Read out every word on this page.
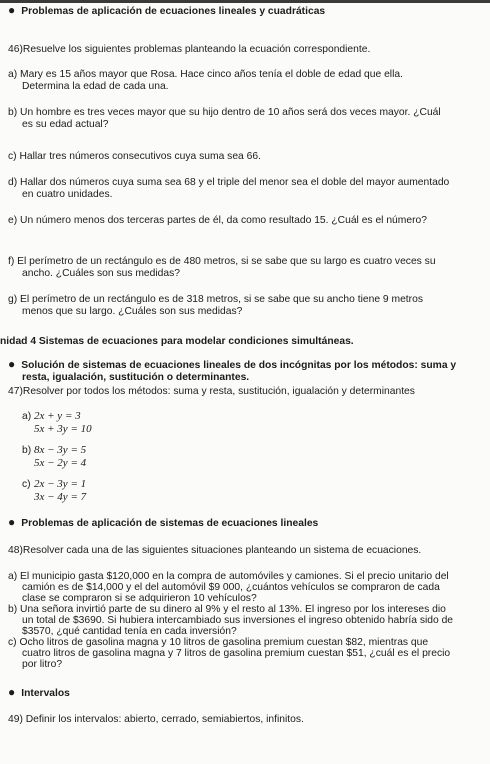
● Problemas de aplicación de ecuaciones lineales y cuadráticas
46)Resuelve los siguientes problemas planteando la ecuación correspondiente.
a) Mary es 15 años mayor que Rosa. Hace cinco años tenía el doble de edad que ella.
Determina la edad de cada una.
b) Un hombre es tres veces mayor que su hijo dentro de 10 años será dos veces mayor. ¿Cuál
es su edad actual?
c) Hallar tres números consecutivos cuya suma sea 66.
d) Hallar dos números cuya suma sea 68 y el triple del menor sea el doble del mayor aumentado
en cuatro unidades.
e) Un número menos dos terceras partes de él, da como resultado 15. ¿Cuál es el número?
f) El perímetro de un rectángulo es de 480 metros, si se sabe que su largo es cuatro veces su
ancho. ¿Cuáles son sus medidas?
g) El perímetro de un rectángulo es de 318 metros, si se sabe que su ancho tiene 9 metros
menos que su largo. ¿Cuáles son sus medidas?
nidad 4 Sistemas de ecuaciones para modelar condiciones simultáneas.
● Solución de sistemas de ecuaciones lineales de dos incógnitas por los métodos: suma y
resta, igualación, sustitución o determinantes.
47)Resolver por todos los métodos: suma y resta, sustitución, igualación y determinantes
a) 2x + y = 3
5x + 3y = 10
b) 8x − 3y = 5
5x − 2y = 4
c) 2x − 3y = 1
3x − 4y = 7
● Problemas de aplicación de sistemas de ecuaciones lineales
48)Resolver cada una de las siguientes situaciones planteando un sistema de ecuaciones.
a) El municipio gasta $120,000 en la compra de automóviles y camiones. Si el precio unitario del
camión es de $14,000 y el del automóvil $9 000, ¿cuántos vehículos se compraron de cada
clase se compraron si se adquirieron 10 vehículos?
b) Una señora invirtió parte de su dinero al 9% y el resto al 13%. El ingreso por los intereses dio
un total de $3690. Si hubiera intercambiado sus inversiones el ingreso obtenido habría sido de
$3570, ¿qué cantidad tenía en cada inversión?
c) Ocho litros de gasolina magna y 10 litros de gasolina premium cuestan $82, mientras que
cuatro litros de gasolina magna y 7 litros de gasolina premium cuestan $51, ¿cuál es el precio
por litro?
● Intervalos
49) Definir los intervalos: abierto, cerrado, semiabiertos, infinitos.
